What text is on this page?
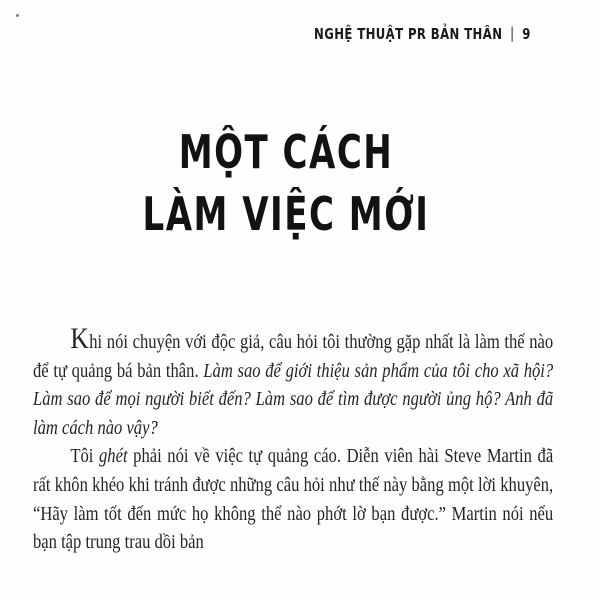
NGHỆ THUẬT PR BẢN THÂN | 9
MỘT CÁCH
LÀM VIỆC MỚI

Khi nói chuyện với độc giả, câu hỏi tôi thường gặp nhất là làm thế nào để tự quảng bá bản thân. Làm sao để giới thiệu sản phẩm của tôi cho xã hội? Làm sao để mọi người biết đến? Làm sao để tìm được người ủng hộ? Anh đã làm cách nào vậy?

Tôi ghét phải nói về việc tự quảng cáo. Diễn viên hài Steve Martin đã rất khôn khéo khi tránh được những câu hỏi như thế này bằng một lời khuyên, “Hãy làm tốt đến mức họ không thể nào phớt lờ bạn được.” Martin nói nếu bạn tập trung trau dồi bản
